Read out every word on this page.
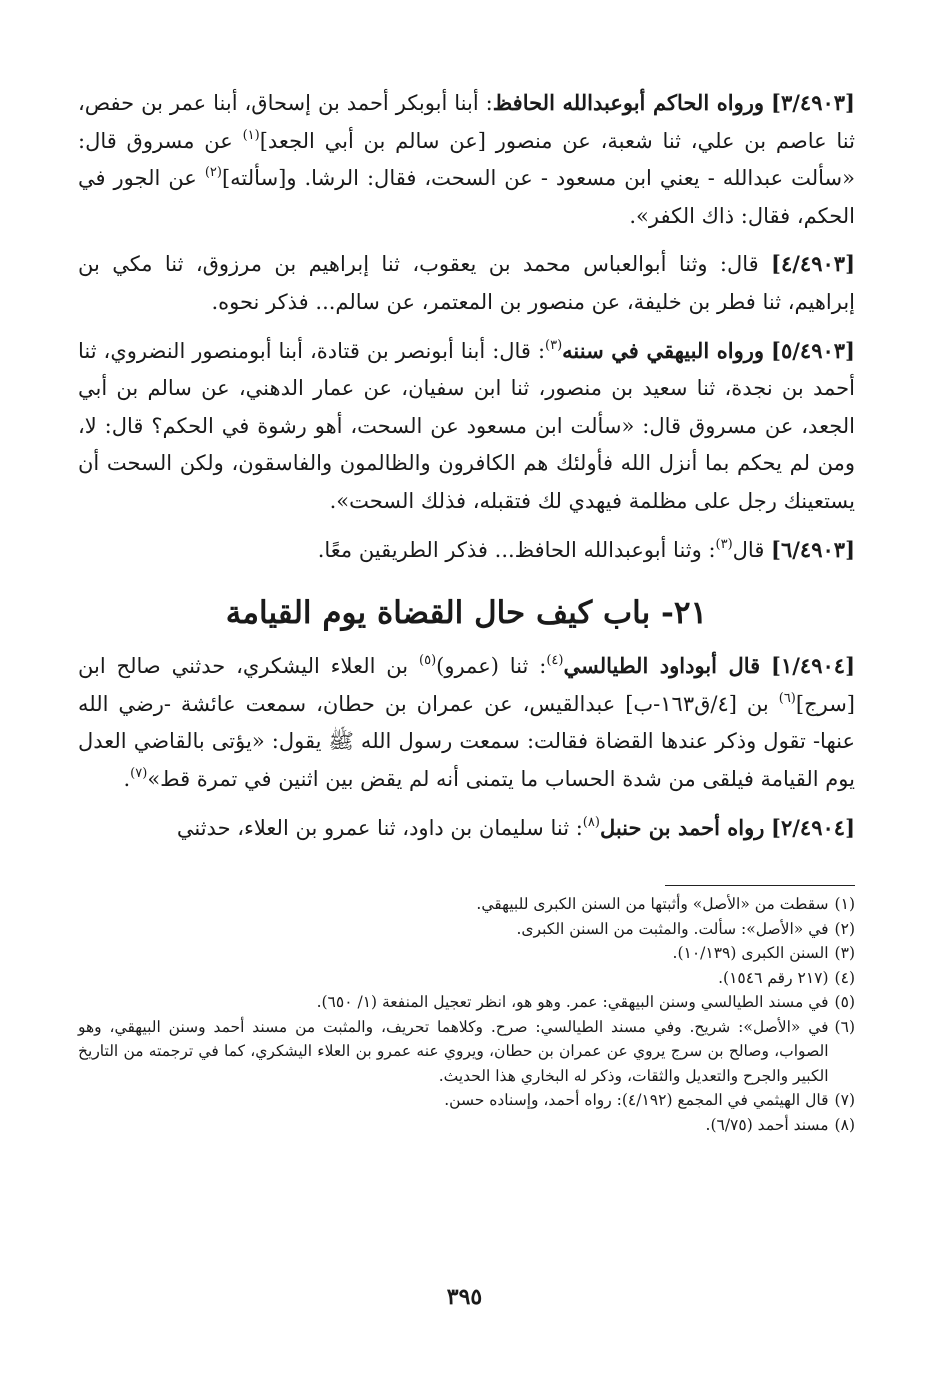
[٣/٤٩٠٣] ورواه الحاكم أبوعبدالله الحافظ: أبنا أبوبكر أحمد بن إسحاق، أبنا عمر بن حفص، ثنا عاصم بن علي، ثنا شعبة، عن منصور [عن سالم بن أبي الجعد]$^{(١)}$ عن مسروق قال: «سألت عبدالله - يعني ابن مسعود - عن السحت، فقال: الرشا. و[سألته]$^{(٢)}$ عن الجور في الحكم، فقال: ذاك الكفر».

[٤/٤٩٠٣] قال: وثنا أبوالعباس محمد بن يعقوب، ثنا إبراهيم بن مرزوق، ثنا مكي بن إبراهيم، ثنا فطر بن خليفة، عن منصور بن المعتمر، عن سالم... فذكر نحوه.

[٥/٤٩٠٣] ورواه البيهقي في سننه$^{(٣)}$: قال: أبنا أبونصر بن قتادة، أبنا أبومنصور النضروي، ثنا أحمد بن نجدة، ثنا سعيد بن منصور، ثنا ابن سفيان، عن عمار الدهني، عن سالم بن أبي الجعد، عن مسروق قال: «سألت ابن مسعود عن السحت، أهو رشوة في الحكم؟ قال: لا، ومن لم يحكم بما أنزل الله فأولئك هم الكافرون والظالمون والفاسقون، ولكن السحت أن يستعينك رجل على مظلمة فيهدي لك فتقبله، فذلك السحت».

[٦/٤٩٠٣] قال$^{(٣)}$: وثنا أبوعبدالله الحافظ... فذكر الطريقين معًا.

٢١- باب كيف حال القضاة يوم القيامة

[١/٤٩٠٤] قال أبوداود الطيالسي$^{(٤)}$: ثنا (عمرو)$^{(٥)}$ بن العلاء اليشكري، حدثني صالح ابن [سرج]$^{(٦)}$ بن [٤/ق١٦٣-ب] عبدالقيس، عن عمران بن حطان، سمعت عائشة -رضي الله عنها- تقول وذكر عندها القضاة فقالت: سمعت رسول الله ﷺ يقول: «يؤتى بالقاضي العدل يوم القيامة فيلقى من شدة الحساب ما يتمنى أنه لم يقض بين اثنين في تمرة قط»$^{(٧)}$.

[٢/٤٩٠٤] رواه أحمد بن حنبل$^{(٨)}$: ثنا سليمان بن داود، ثنا عمرو بن العلاء، حدثني

(١)
سقطت من «الأصل» وأثبتها من السنن الكبرى للبيهقي.
(٢)
في «الأصل»: سألت. والمثبت من السنن الكبرى.
(٣)
السنن الكبرى (١٠/١٣٩).
(٤)
(٢١٧ رقم ١٥٤٦).
(٥)
في مسند الطيالسي وسنن البيهقي: عمر. وهو هو، انظر تعجيل المنفعة (١/ ٦٥٠).
(٦)
في «الأصل»: شريح. وفي مسند الطيالسي: صرح. وكلاهما تحريف، والمثبت من مسند أحمد وسنن البيهقي، وهو الصواب، وصالح بن سرج يروي عن عمران بن حطان، ويروي عنه عمرو بن العلاء اليشكري، كما في ترجمته من التاريخ الكبير والجرح والتعديل والثقات، وذكر له البخاري هذا الحديث.
(٧)
قال الهيثمي في المجمع (٤/١٩٢): رواه أحمد، وإسناده حسن.
(٨)
مسند أحمد (٦/٧٥).
٣٩٥
